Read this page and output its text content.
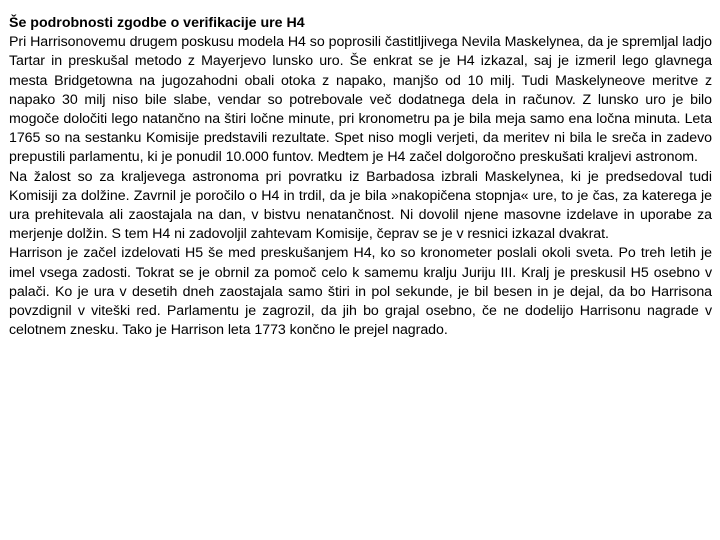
Še podrobnosti zgodbe o verifikacije ure H4

Pri Harrisonovemu drugem poskusu modela H4 so poprosili častitljivega Nevila Maskelynea, da je spremljal ladjo Tartar in preskušal metodo z Mayerjevo lunsko uro. Še enkrat se je H4 izkazal, saj je izmeril lego glavnega mesta Bridgetowna na jugozahodni obali otoka z napako, manjšo od 10 milj. Tudi Maskelyneove meritve z napako 30 milj niso bile slabe, vendar so potrebovale več dodatnega dela in računov. Z lunsko uro je bilo mogoče določiti lego natančno na štiri ločne minute, pri kronometru pa je bila meja samo ena ločna minuta. Leta 1765 so na sestanku Komisije predstavili rezultate. Spet niso mogli verjeti, da meritev ni bila le sreča in zadevo prepustili parlamentu, ki je ponudil 10.000 funtov. Medtem je H4 začel dolgoročno preskušati kraljevi astronom.

Na žalost so za kraljevega astronoma pri povratku iz Barbadosa izbrali Maskelynea, ki je predsedoval tudi Komisiji za dolžine. Zavrnil je poročilo o H4 in trdil, da je bila »nakopičena stopnja« ure, to je čas, za katerega je ura prehitevala ali zaostajala na dan, v bistvu nenatančnost. Ni dovolil njene masovne izdelave in uporabe za merjenje dolžin. S tem H4 ni zadovoljil zahtevam Komisije, čeprav se je v resnici izkazal dvakrat.

Harrison je začel izdelovati H5 še med preskušanjem H4, ko so kronometer poslali okoli sveta. Po treh letih je imel vsega zadosti. Tokrat se je obrnil za pomoč celo k samemu kralju Juriju III. Kralj je preskusil H5 osebno v palači. Ko je ura v desetih dneh zaostajala samo štiri in pol sekunde, je bil besen in je dejal, da bo Harrisona povzdignil v viteški red. Parlamentu je zagrozil, da jih bo grajal osebno, če ne dodelijo Harrisonu nagrade v celotnem znesku. Tako je Harrison leta 1773 končno le prejel nagrado.
